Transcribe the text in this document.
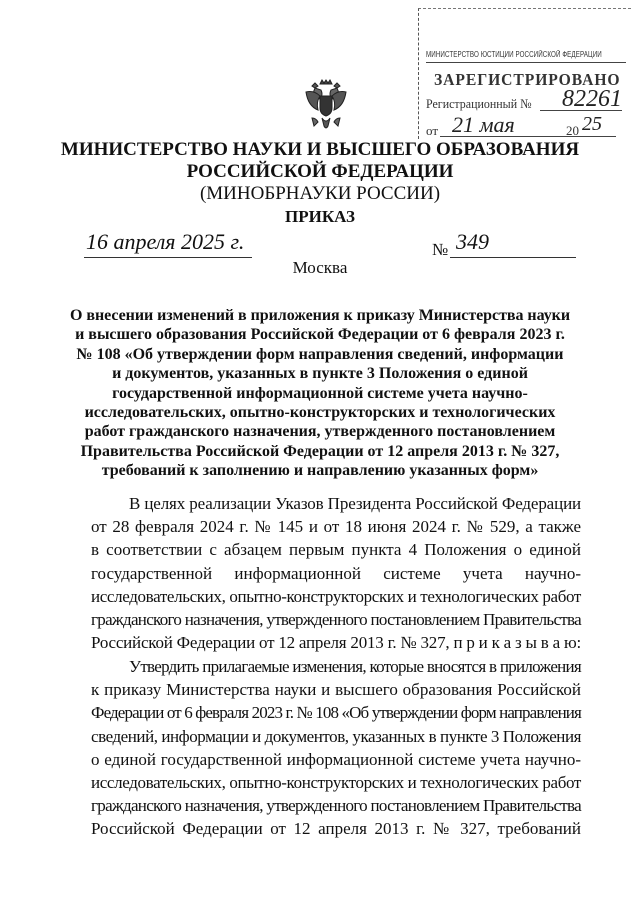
МИНИСТЕРСТВО ЮСТИЦИИ РОССИЙСКОЙ ФЕДЕРАЦИИ
ЗАРЕГИСТРИРОВАНО
Регистрационный № 82261
от 21 мая	20 25
МИНИСТЕРСТВО НАУКИ И ВЫСШЕГО ОБРАЗОВАНИЯ
РОССИЙСКОЙ ФЕДЕРАЦИИ
(МИНОБРНАУКИ РОССИИ)
ПРИКАЗ
16 апреля 2025 г.	№ 349
Москва
О внесении изменений в приложения к приказу Министерства науки
и высшего образования Российской Федерации от 6 февраля 2023 г.
№ 108 «Об утверждении форм направления сведений, информации
и документов, указанных в пункте 3 Положения о единой
государственной информационной системе учета научно-
исследовательских, опытно-конструкторских и технологических
работ гражданского назначения, утвержденного постановлением
Правительства Российской Федерации от 12 апреля 2013 г. № 327,
требований к заполнению и направлению указанных форм»
В целях реализации Указов Президента Российской Федерации
от 28 февраля 2024 г. № 145 и от 18 июня 2024 г. № 529, а также
в соответствии с абзацем первым пункта 4 Положения о единой
государственной информационной системе учета научно-
исследовательских, опытно-конструкторских и технологических работ
гражданского назначения, утвержденного постановлением Правительства
Российской Федерации от 12 апреля 2013 г. № 327, п р и к а з ы в а ю:
Утвердить прилагаемые изменения, которые вносятся в приложения
к приказу Министерства науки и высшего образования Российской
Федерации от 6 февраля 2023 г. № 108 «Об утверждении форм направления
сведений, информации и документов, указанных в пункте 3 Положения
о единой государственной информационной системе учета научно-
исследовательских, опытно-конструкторских и технологических работ
гражданского назначения, утвержденного постановлением Правительства
Российской Федерации от 12 апреля 2013 г. № 327, требований
